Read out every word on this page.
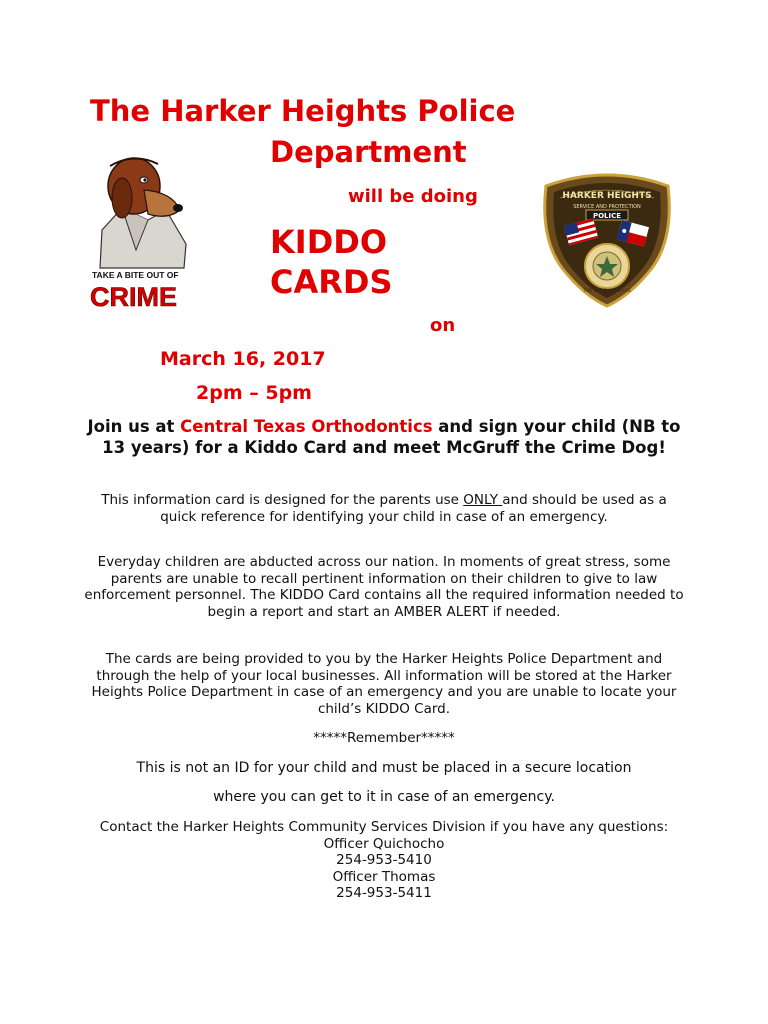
The Harker Heights Police
Department
will be doing
KIDDO
CARDS
on
March 16, 2017
2pm – 5pm
TAKE A BITE OUT OF
CRIME
HARKER HEIGHTS
SERVICE AND PROTECTION
POLICE
THE STATE OF TEXAS
Join us at Central Texas Orthodontics and sign your child (NB to 13 years) for a Kiddo Card and meet McGruff the Crime Dog!
This information card is designed for the parents use ONLY and should be used as a quick reference for identifying your child in case of an emergency.
Everyday children are abducted across our nation. In moments of great stress, some parents are unable to recall pertinent information on their children to give to law enforcement personnel. The KIDDO Card contains all the required information needed to begin a report and start an AMBER ALERT if needed.
The cards are being provided to you by the Harker Heights Police Department and through the help of your local businesses. All information will be stored at the Harker Heights Police Department in case of an emergency and you are unable to locate your child’s KIDDO Card.
*****Remember*****
This is not an ID for your child and must be placed in a secure location
where you can get to it in case of an emergency.
Contact the Harker Heights Community Services Division if you have any questions:
Officer Quichocho
254-953-5410
Officer Thomas
254-953-5411
